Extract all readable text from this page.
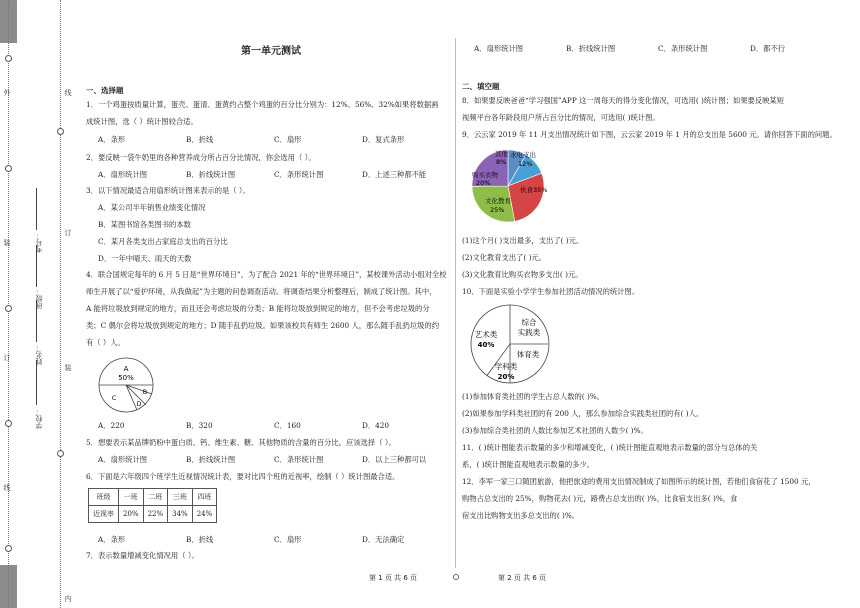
外
装
订
线
线
订
装
内
学校：
姓名：
班级：
考号：
第一单元测试
一、选择题
1．一个鸡蛋按质量计算，蛋壳、蛋清、蛋黄约占整个鸡蛋的百分比分别为：12%、56%、32%如果将数据画
成统计图，选（ ）统计图较合适。
A．条形	B．折线	C．扇形	D．复式条形
2．要反映一袋牛奶里的各种营养成分所占百分比情况，你会选用（ ）。
A．扇形统计图	B．折线统计图	C．条形统计图	D．上述三种都不能
3．以下情况最适合用扇形统计图来表示的是（ ）。
A．某公司半年销售业绩变化情况
B．某图书馆各类图书的本数
C．某月各类支出占家庭总支出的百分比
D．一年中晴天、雨天的天数
4．联合国规定每年的 6 月 5 日是“世界环境日”，为了配合 2021 年的“世界环境日”，某校课外活动小组对全校
师生开展了以“爱护环境，从我做起”为主题的问卷调查活动。将调查结果分析整理后，制成了统计图。其中，
A 能将垃圾放到规定的地方，而且还会考虑垃圾的分类；B 能将垃圾放到规定的地方，但不会考虑垃圾的分
类；C 偶尔会将垃圾放到规定的地方；D 随手乱扔垃圾。如果该校共有师生 2600 人，那么随手乱扔垃圾的约
有（ ）人。
A
50%
B
C
D
A．220	B．320	C．160	D．420
5．想要表示某品牌奶粉中蛋白质、钙、维生素、糖、其他物质的含量的百分比，应该选择（ ）。
A．扇形统计图	B．折线统计图	C．条形统计图	D．以上三种都可以
6．下面是六年级四个班学生近视情况统计表，要对比四个班的近视率，绘制（ ）统计图最合适。
班级	一班	二班	三班	四班
近视率	20%	22%	34%	24%
A．条形	B．折线	C．扇形	D．无法确定
7．表示数量增减变化情况用（ ）。
第 1 页 共 6 页
A．扇形统计图	B．折线统计图	C．条形统计图	D．都不行
二、填空题
8．如果要反映爸爸“学习强国”APP 这一周每天的得分变化情况，可选用( )统计图；如果要反映某短
视频平台各年龄段用户所占百分比的情况，可选用( )统计图。
9．云云家 2019 年 11 月支出情况统计如下图，云云家 2019 年 1 月的总支出是 5600 元。请你回答下面的问题。
其他
8%
水电支出
12%
伙食35%
文化教育
25%
购买衣物
20%
(1)这个月( )支出最多，支出了( )元。
(2)文化教育支出了( )元。
(3)文化教育比购买衣物多支出( )元。
10．下面是实验小学学生参加社团活动情况的统计图。
艺术类
40%
综合
实践类
体育类
学科类
20%
(1)参加体育类社团的学生占总人数的( )%。
(2)如果参加学科类社团的有 200 人，那么参加综合实践类社团的有( )人。
(3)参加综合类社团的人数比参加艺术社团的人数少( )%。
11．( )统计图能表示数量的多少和增减变化，( )统计图能直观地表示数量的部分与总体的关
系，( )统计图能直观地表示数量的多少。
12．李军一家三口随团旅游，他把旅途的费用支出情况制成了如图所示的统计图，若他们食宿花了 1500 元，
购物占总支出的 25%，购物花去( )元，路费占总支出的( )%，比食宿支出多( )%，食
宿支出比购物支出多总支出的( )%。
第 2 页 共 6 页
